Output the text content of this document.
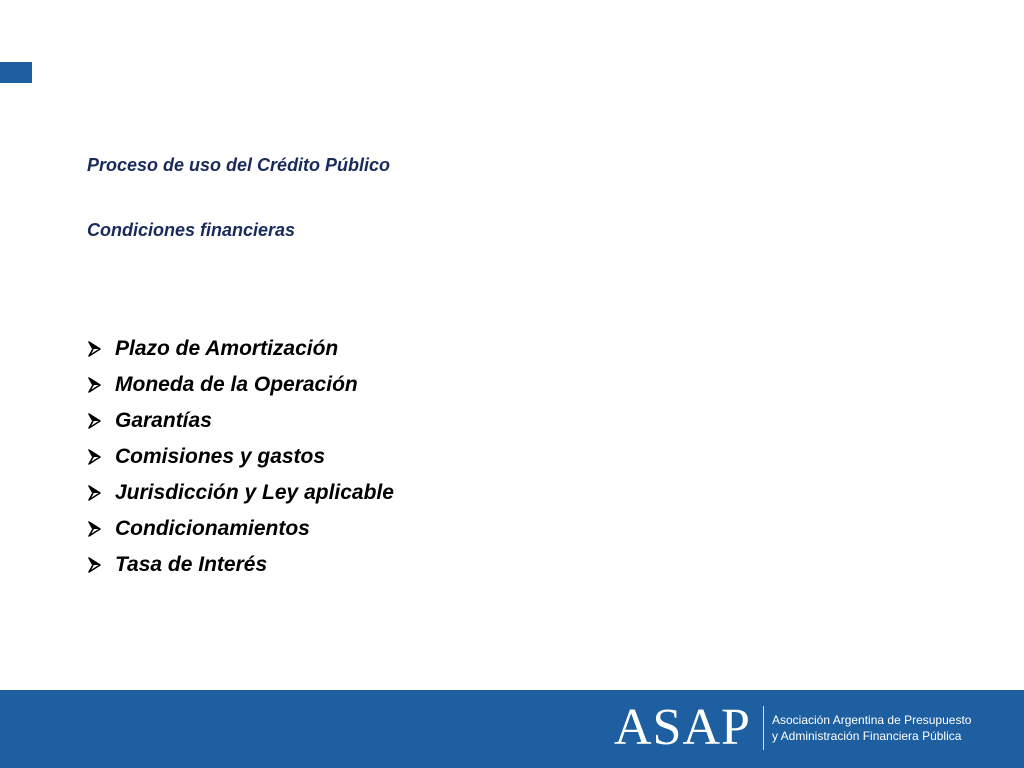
Proceso de uso del Crédito Público

Condiciones financieras

Plazo de Amortización
Moneda de la Operación
Garantías
Comisiones y gastos
Jurisdicción y Ley aplicable
Condicionamientos
Tasa de Interés

ASAP Asociación Argentina de Presupuesto
y Administración Financiera Pública
